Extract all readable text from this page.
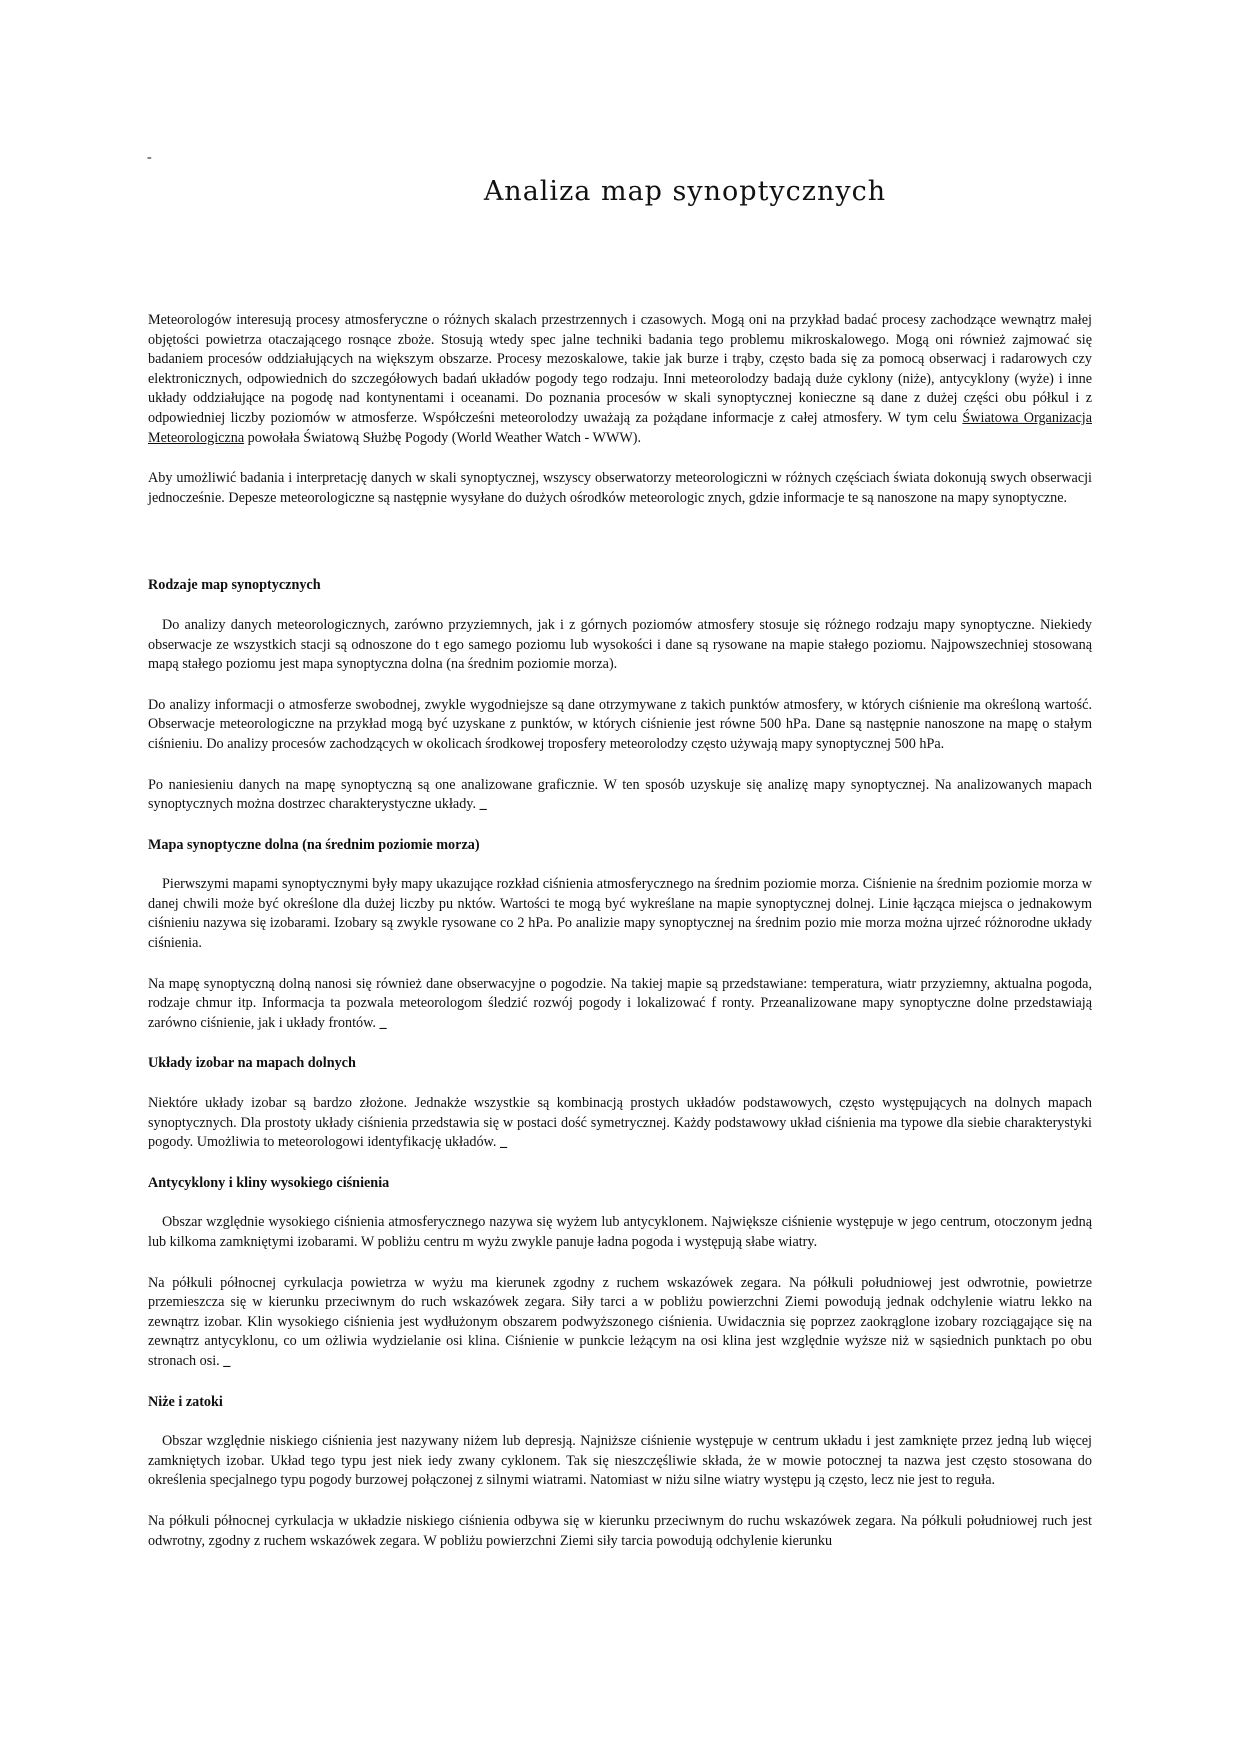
-
Analiza map synoptycznych

Meteorologów interesują procesy atmosferyczne o różnych skalach przestrzennych i czasowych. Mogą oni na przykład badać procesy zachodzące wewnątrz małej objętości powietrza otaczającego rosnące zboże. Stosują wtedy spec jalne techniki badania tego problemu mikroskalowego. Mogą oni również zajmować się badaniem procesów oddziałujących na większym obszarze. Procesy mezoskalowe, takie jak burze i trąby, często bada się za pomocą obserwacj i radarowych czy elektronicznych, odpowiednich do szczegółowych badań układów pogody tego rodzaju. Inni meteorolodzy badają duże cyklony (niże), antycyklony (wyże) i inne układy oddziałujące na pogodę nad kontynentami i oceanami. Do poznania procesów w skali synoptycznej konieczne są dane z dużej części obu półkul i z odpowiedniej liczby poziomów w atmosferze. Współcześni meteorolodzy uważają za pożądane informacje z całej atmosfery. W tym celu Światowa Organizacja Meteorologiczna powołała Światową Służbę Pogody (World Weather Watch - WWW).

Aby umożliwić badania i interpretację danych w skali synoptycznej, wszyscy obserwatorzy meteorologiczni w różnych częściach świata dokonują swych obserwacji jednocześnie. Depesze meteorologiczne są następnie wysyłane do dużych ośrodków meteorologic znych, gdzie informacje te są nanoszone na mapy synoptyczne.

Rodzaje map synoptycznych

Do analizy danych meteorologicznych, zarówno przyziemnych, jak i z górnych poziomów atmosfery stosuje się różnego rodzaju mapy synoptyczne. Niekiedy obserwacje ze wszystkich stacji są odnoszone do t ego samego poziomu lub wysokości i dane są rysowane na mapie stałego poziomu. Najpowszechniej stosowaną mapą stałego poziomu jest mapa synoptyczna dolna (na średnim poziomie morza).

Do analizy informacji o atmosferze swobodnej, zwykle wygodniejsze są dane otrzymywane z takich punktów atmosfery, w których ciśnienie ma określoną wartość. Obserwacje meteorologiczne na przykład mogą być uzyskane z punktów, w których ciśnienie jest równe 500 hPa. Dane są następnie nanoszone na mapę o stałym ciśnieniu. Do analizy procesów zachodzących w okolicach środkowej troposfery meteorolodzy często używają mapy synoptycznej 500 hPa.

Po naniesieniu danych na mapę synoptyczną są one analizowane graficznie. W ten sposób uzyskuje się analizę mapy synoptycznej. Na analizowanych mapach synoptycznych można dostrzec charakterystyczne układy. _

Mapa synoptyczne dolna (na średnim poziomie morza)

Pierwszymi mapami synoptycznymi były mapy ukazujące rozkład ciśnienia atmosferycznego na średnim poziomie morza. Ciśnienie na średnim poziomie morza w danej chwili może być określone dla dużej liczby pu nktów. Wartości te mogą być wykreślane na mapie synoptycznej dolnej. Linie łącząca miejsca o jednakowym ciśnieniu nazywa się izobarami. Izobary są zwykle rysowane co 2 hPa. Po analizie mapy synoptycznej na średnim pozio mie morza można ujrzeć różnorodne układy ciśnienia.

Na mapę synoptyczną dolną nanosi się również dane obserwacyjne o pogodzie. Na takiej mapie są przedstawiane: temperatura, wiatr przyziemny, aktualna pogoda, rodzaje chmur itp. Informacja ta pozwala meteorologom śledzić rozwój pogody i lokalizować f ronty. Przeanalizowane mapy synoptyczne dolne przedstawiają zarówno ciśnienie, jak i układy frontów. _

Układy izobar na mapach dolnych

Niektóre układy izobar są bardzo złożone. Jednakże wszystkie są kombinacją prostych układów podstawowych, często występujących na dolnych mapach synoptycznych. Dla prostoty układy ciśnienia przedstawia się w postaci dość symetrycznej. Każdy podstawowy układ ciśnienia ma typowe dla siebie charakterystyki pogody. Umożliwia to meteorologowi identyfikację układów. _

Antycyklony i kliny wysokiego ciśnienia

Obszar względnie wysokiego ciśnienia atmosferycznego nazywa się wyżem lub antycyklonem. Największe ciśnienie występuje w jego centrum, otoczonym jedną lub kilkoma zamkniętymi izobarami. W pobliżu centru m wyżu zwykle panuje ładna pogoda i występują słabe wiatry.

Na półkuli północnej cyrkulacja powietrza w wyżu ma kierunek zgodny z ruchem wskazówek zegara. Na półkuli południowej jest odwrotnie, powietrze przemieszcza się w kierunku przeciwnym do ruch wskazówek zegara. Siły tarci a w pobliżu powierzchni Ziemi powodują jednak odchylenie wiatru lekko na zewnątrz izobar. Klin wysokiego ciśnienia jest wydłużonym obszarem podwyższonego ciśnienia. Uwidacznia się poprzez zaokrąglone izobary rozciągające się na zewnątrz antycyklonu, co um ożliwia wydzielanie osi klina. Ciśnienie w punkcie leżącym na osi klina jest względnie wyższe niż w sąsiednich punktach po obu stronach osi. _

Niże i zatoki

Obszar względnie niskiego ciśnienia jest nazywany niżem lub depresją. Najniższe ciśnienie występuje w centrum układu i jest zamknięte przez jedną lub więcej zamkniętych izobar. Układ tego typu jest niek iedy zwany cyklonem. Tak się nieszczęśliwie składa, że w mowie potocznej ta nazwa jest często stosowana do określenia specjalnego typu pogody burzowej połączonej z silnymi wiatrami. Natomiast w niżu silne wiatry występu ją często, lecz nie jest to reguła.

Na półkuli północnej cyrkulacja w układzie niskiego ciśnienia odbywa się w kierunku przeciwnym do ruchu wskazówek zegara. Na półkuli południowej ruch jest odwrotny, zgodny z ruchem wskazówek zegara. W pobliżu powierzchni Ziemi siły tarcia powodują odchylenie kierunku
